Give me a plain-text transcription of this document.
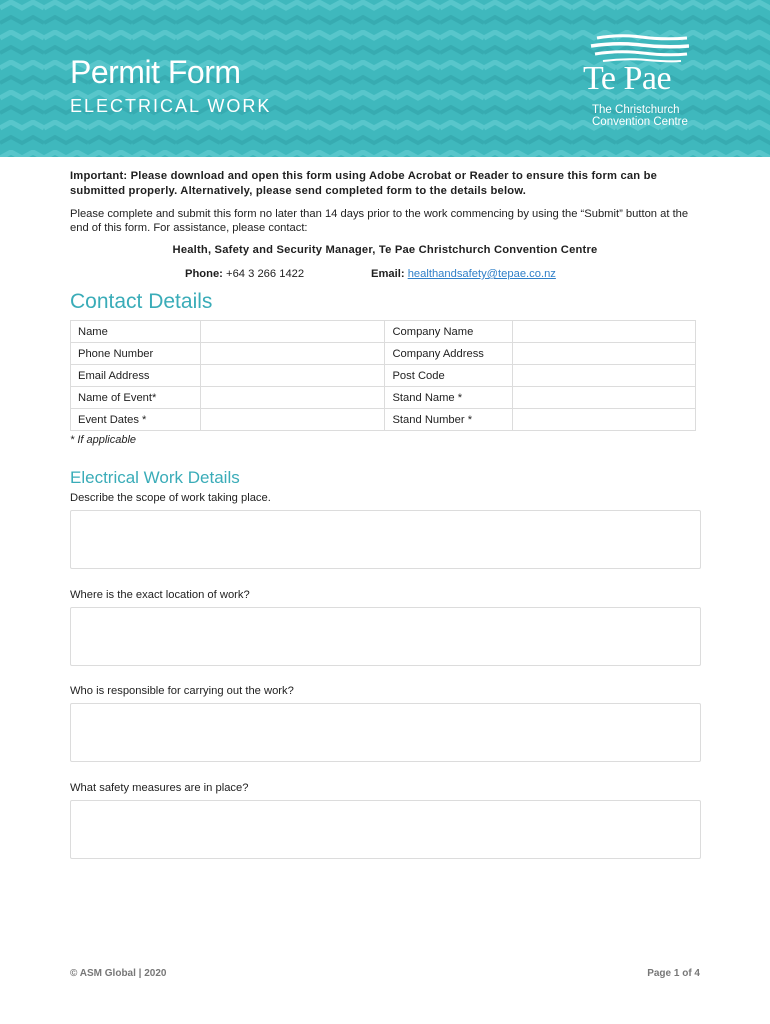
Permit Form
ELECTRICAL WORK
Te Pae
The Christchurch
Convention Centre
Important: Please download and open this form using Adobe Acrobat or Reader to ensure this form can be submitted properly. Alternatively, please send completed form to the details below.
Please complete and submit this form no later than 14 days prior to the work commencing by using the “Submit” button at the end of this form. For assistance, please contact:
Health, Safety and Security Manager, Te Pae Christchurch Convention Centre
Phone: +64 3 266 1422	Email: healthandsafety@tepae.co.nz
Contact Details
Name		Company Name	
Phone Number		Company Address	
Email Address		Post Code	
Name of Event*		Stand Name *	
Event Dates *		Stand Number *	
* If applicable
Electrical Work Details
Describe the scope of work taking place.
Where is the exact location of work?
Who is responsible for carrying out the work?
What safety measures are in place?
© ASM Global | 2020	Page 1 of 4
